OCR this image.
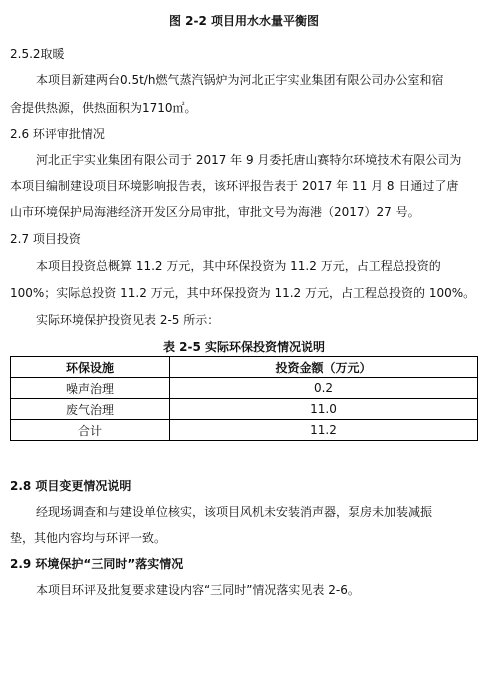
图 2-2 项目用水水量平衡图
2.5.2取暖
本项目新建两台0.5t/h燃气蒸汽锅炉为河北正宇实业集团有限公司办公室和宿
舍提供热源，供热面积为1710㎡。
2.6 环评审批情况
河北正宇实业集团有限公司于 2017 年 9 月委托唐山赛特尔环境技术有限公司为
本项目编制建设项目环境影响报告表，该环评报告表于 2017 年 11 月 8 日通过了唐
山市环境保护局海港经济开发区分局审批，审批文号为海港（2017）27 号。
2.7 项目投资
本项目投资总概算 11.2 万元，其中环保投资为 11.2 万元，占工程总投资的
100%；实际总投资 11.2 万元，其中环保投资为 11.2 万元，占工程总投资的 100%。
实际环境保护投资见表 2-5 所示：
表 2-5 实际环保投资情况说明
环保设施	投资金额（万元）
噪声治理	0.2
废气治理	11.0
合计	11.2
2.8 项目变更情况说明
经现场调查和与建设单位核实，该项目风机未安装消声器，泵房未加装减振
垫，其他内容均与环评一致。
2.9 环境保护“三同时”落实情况
本项目环评及批复要求建设内容“三同时”情况落实见表 2-6。
